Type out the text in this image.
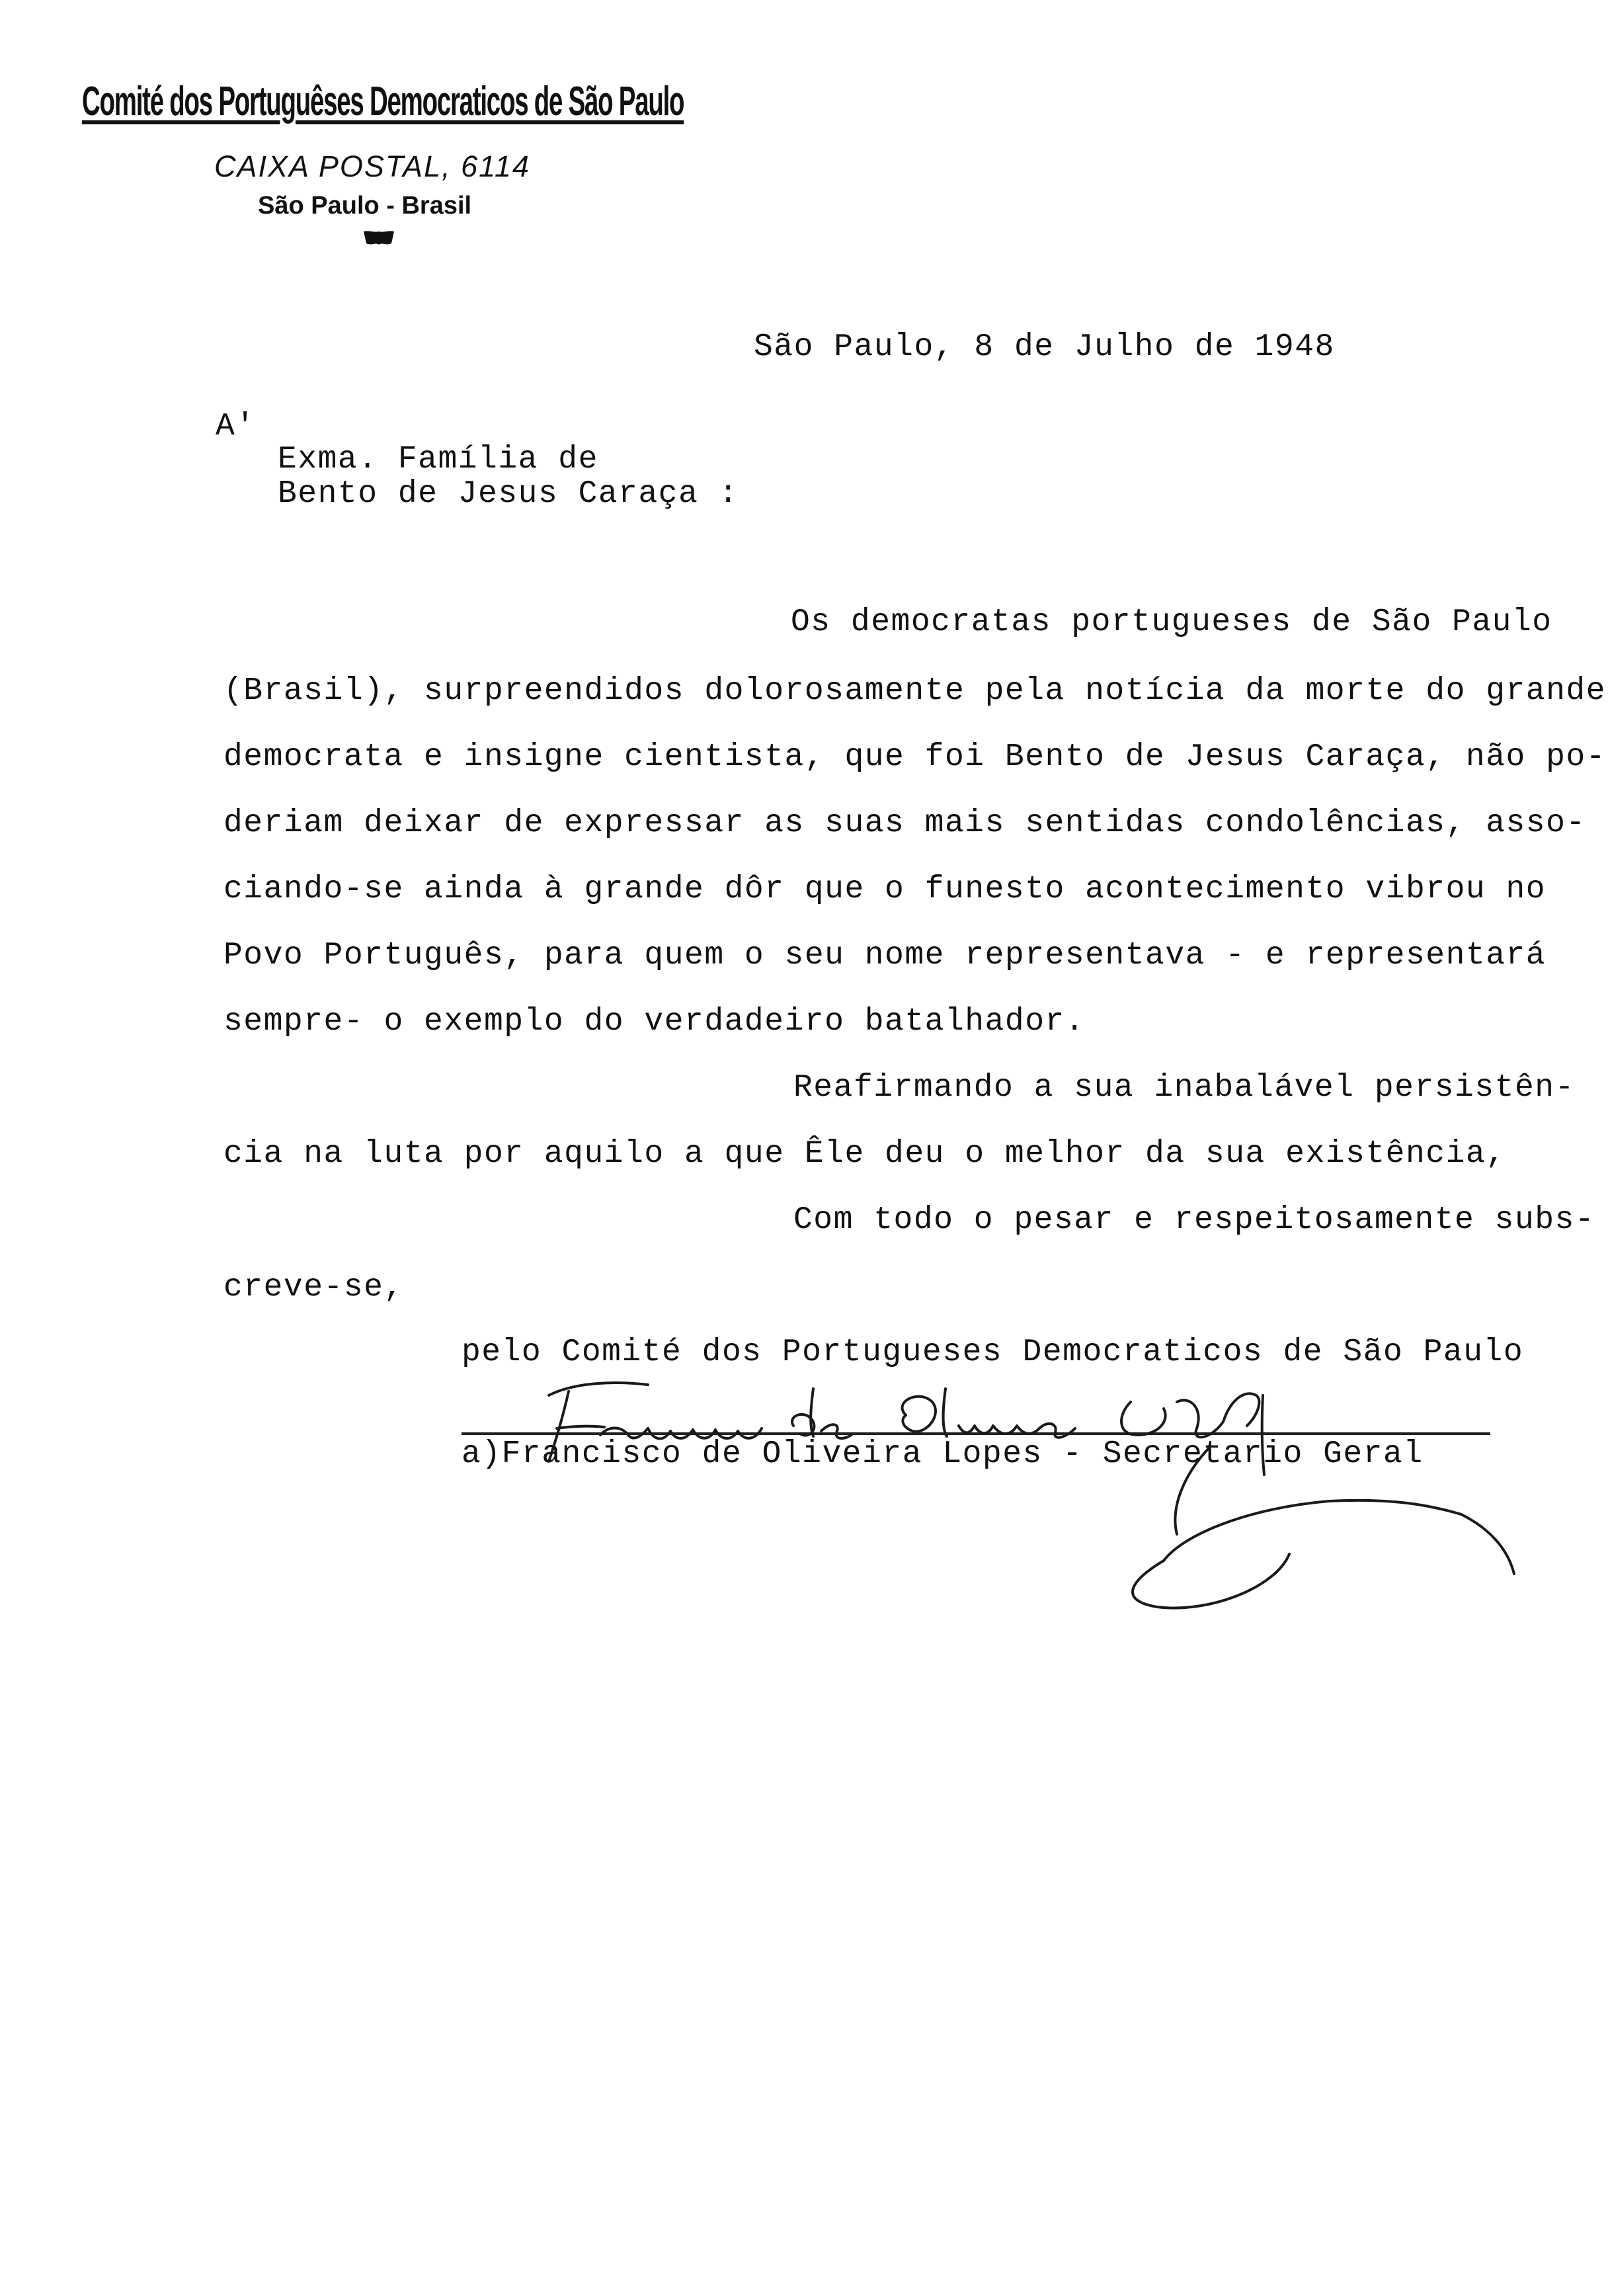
Comité dos Portuguêses Democraticos de São Paulo
CAIXA POSTAL, 6114
São Paulo - Brasil
São Paulo, 8 de Julho de 1948
A'
Exma. Família de
Bento de Jesus Caraça :
Os democratas portugueses de São Paulo
(Brasil), surpreendidos dolorosamente pela notícia da morte do grande
democrata e insigne cientista, que foi Bento de Jesus Caraça, não po-
deriam deixar de expressar as suas mais sentidas condolências, asso-
ciando-se ainda à grande dôr que o funesto acontecimento vibrou no
Povo Português, para quem o seu nome representava - e representará
sempre- o exemplo do verdadeiro batalhador.
Reafirmando a sua inabalável persistên-
cia na luta por aquilo a que Êle deu o melhor da sua existência,
Com todo o pesar e respeitosamente subs-
creve-se,
pelo Comité dos Portugueses Democraticos de São Paulo
a)Francisco de Oliveira Lopes - Secretario Geral
